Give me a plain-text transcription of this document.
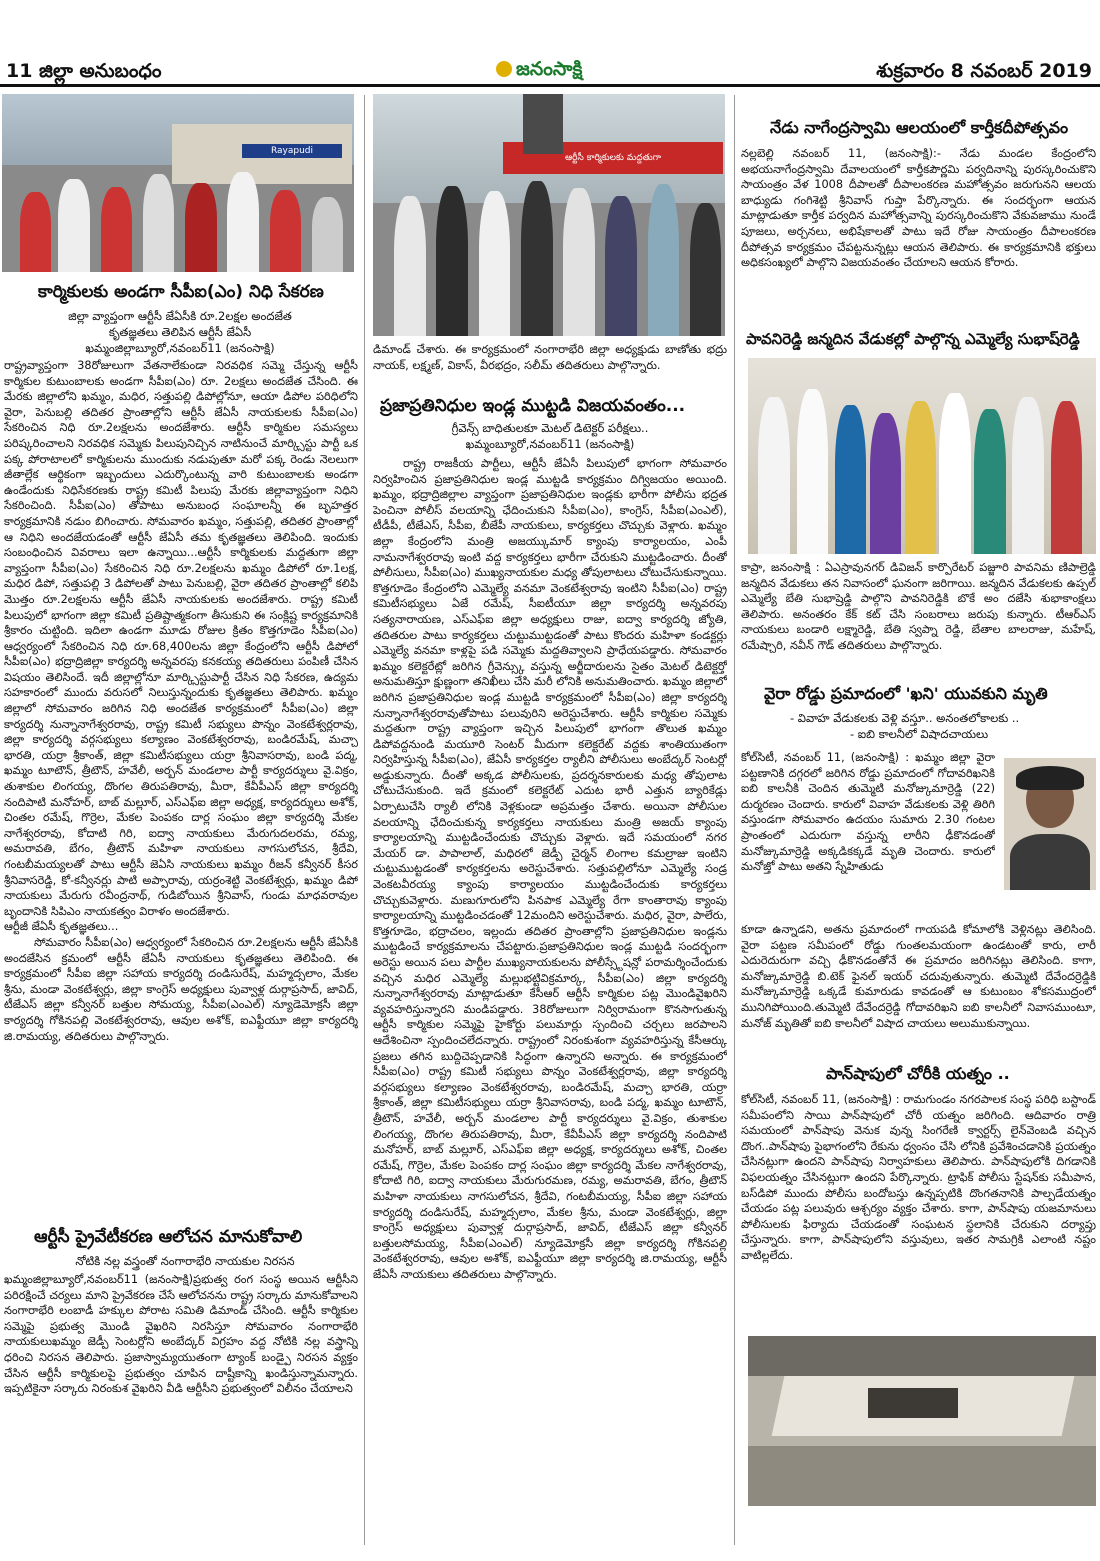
11 జిల్లా అనుబంధం	జనంసాక్షి	శుక్రవారం 8 నవంబర్ 2019
Rayapudi
కార్మికులకు అండగా సీపీఐ(ఎం) నిధి సేకరణ
జిల్లా వ్యాప్తంగా ఆర్టీసీ జేఏసీకి రూ.2లక్షల అందజేత
కృతజ్ఞతలు తెలిపిన ఆర్టీసీ జేఏసీ
ఖమ్మంజిల్లాబ్యూరో,నవంబర్11 (జనంసాక్షి)

రాష్ట్రవ్యాప్తంగా 38రోజులుగా వేతనాలేకుండా నిరవధిక సమ్మె చేస్తున్న ఆర్టీసీ కార్మికుల కుటుంబాలకు అండగా సీపీఐ(ఎం) రూ. 2లక్షలు అందజేత చేసింది. ఈ మేరకు జిల్లాలోని ఖమ్మం, మధిర, సత్తుపల్లి డిపోల్లోనూ, ఆయా డిపోల పరిధిలోని వైరా, పెనుబల్లి తదితర ప్రాంతాల్లోని ఆర్టీసీ జేఏసీ నాయకులకు సీపీఐ(ఎం) సేకరించిన నిధి రూ.2లక్షలను అందజేశారు. ఆర్టీసీ కార్మికుల సమస్యలు పరిష్కరించాలని నిరవధిక సమ్మెకు పిలుపునిచ్చిన నాటినుంచే మార్క్సిస్టు పార్టీ ఒక పక్క పోరాటాలలో కార్మికులను ముందుకు నడుపుతూ మరో పక్క రెండు నెలలుగా జీతాల్లేక ఆర్థికంగా ఇబ్బందులు ఎదుర్కొంటున్న వారి కుటుంబాలకు అండగా ఉండేందుకు నిధిసేకరణకు రాష్ట్ర కమిటీ పిలుపు మేరకు జిల్లావ్యాప్తంగా నిధిని సేకరించింది. సీపీఐ(ఎం) తోపాటు అనుబంధ సంఘాలన్నీ ఈ బృహత్తర కార్యక్రమానికి నడుం బిగించారు. సోమవారం ఖమ్మం, సత్తుపల్లి, తదితర ప్రాంతాల్లో ఆ నిధిని అందజేయడంతో ఆర్టీసీ జేఏసీ తమ కృతజ్ఞతలు తెలిపింది. ఇందుకు సంబంధించిన వివరాలు ఇలా ఉన్నాయి...ఆర్టీసీ కార్మికులకు మద్దతుగా జిల్లా వ్యాప్తంగా సీపీఐ(ఎం) సేకరించిన నిధి రూ.2లక్షలను ఖమ్మం డిపోలో రూ.1లక్ష, మధిర డిపో, సత్తుపల్లి 3 డిపోలతో పాటు పెనుబల్లి, వైరా తదితర ప్రాంతాల్లో కలిపి మొత్తం రూ.2లక్షలను ఆర్టీసీ జేఏసీ నాయకులకు అందజేశారు. రాష్ట్ర కమిటీ పిలుపులో భాగంగా జిల్లా కమిటీ ప్రతిష్టాత్మకంగా తీసుకుని ఈ సంక్లిష్ట కార్యక్రమానికి శ్రీకారం చుట్టింది. ఇదిలా ఉండగా మూడు రోజుల క్రితం కొత్తగూడెం సీపీఐ(ఎం) ఆధ్వర్యంలో సేకరించిన నిధి రూ.68,400లను జిల్లా కేంద్రంలోని ఆర్టీసీ డిపోలో సీపీఐ(ఎం) భద్రాద్రిజిల్లా కార్యదర్శి అన్నవరపు కనకయ్య తదితరులు పంపిణీ చేసిన విషయం తెలిసిందే. ఇదీ జిల్లాల్లోనూ మార్క్సిస్టుపార్టీ చేసిన నిధి సేకరణ, ఉద్యమ సహకారంలో ముందు వరుసలో నిలుస్తున్నందుకు కృతజ్ఞతలు తెలిపారు. ఖమ్మం జిల్లాలో సోమవారం జరిగిన నిధి అందజేత కార్యక్రమంలో సీపీఐ(ఎం) జిల్లా కార్యదర్శి నున్నానాగేశ్వరరావు, రాష్ట్ర కమిటీ సభ్యులు పొన్నం వెంకటేశ్వర్లరావు, జిల్లా కార్యదర్శి వర్గసభ్యులు కల్యాణం వెంకటేశ్వరరావు, బండిరమేష్, మచ్చా భారతి, యర్రా శ్రీకాంత్, జిల్లా కమిటీసభ్యులు యర్రా శ్రీనివాసరావు, బండి పద్మ, ఖమ్మం టూటౌన్, త్రీటౌన్, హవేలీ, అర్బన్ మండలాల పార్టీ కార్యదర్శులు వై.విక్రం, తుశాకుల లింగయ్య, దొంగల తిరుపతిరావు, మీరా, కేవీపీఎస్ జిల్లా కార్యదర్శి నందిపాటి మనోహర్, బాబ్ మల్లూర్, ఎస్ఎఫ్ఐ జిల్లా అధ్యక్ష, కార్యదర్శులు అశోక్, చింతల రమేష్, గొర్రెల, మేకల పెంపకం దార్ల సంఘం జిల్లా కార్యదర్శి మేకల నాగేశ్వరరావు, కోదాటి గిరి, ఐద్వా నాయకులు మేరుగుదలరమ, రమ్య, అమరావతి, బేగం, త్రీటౌన్ మహిళా నాయకులు నాగసులోచన, శ్రీదేవి, గంటబీమయ్యలతో పాటు ఆర్టీసీ జెఏసి నాయకులు ఖమ్మం రీజన్ కన్వీనర్ కీసర శ్రీనివాసరెడ్డి, కో-కన్వీనర్లు పాటి అప్పారావు, యర్రంశెట్టి వెంకటేశ్వర్లు, ఖమ్మం డిపో నాయకులు మేరుగు రవీంద్రనాథ్, గుడిబోయిన శ్రీనివాస్, గుండు మాధవరావుల బృందానికి సిపిఎం నాయకత్వం విరాళం అందజేశారు.

ఆర్టీజీ జేఏసీ కృతజ్ఞతలు...

సోమవారం సీపీఐ(ఎం) ఆధ్వర్యంలో సేకరించిన రూ.2లక్షలను ఆర్టీసీ జేఏసీకి అందజేసిన క్రమంలో ఆర్టీసీ జేఏసీ నాయకులు కృతజ్ఞతలు తెలిపింది. ఈ కార్యక్రమంలో సీపీఐ జిల్లా సహాయ కార్యదర్శి దండిసురేష్, మహ్మద్సలాం, మేకల శ్రీను, మండా వెంకటేశ్వర్లు, జిల్లా కాంగ్రెస్ అధ్యక్షులు పువ్వాళ్ల దుర్గాప్రసాద్, జావిద్, టీజేఎస్ జిల్లా కన్వీనర్ బత్తుల సోమయ్య, సీపీఐ(ఎంఎల్) న్యూడెమోక్రసీ జిల్లా కార్యదర్శి గోకినపల్లి వెంకటేశ్వరరావు, ఆవుల అశోక్, ఐఎఫ్టీయూ జిల్లా కార్యదర్శి జి.రామయ్య, తదితరులు పాల్గొన్నారు.

ఆర్టీసీ ప్రైవేటీకరణ ఆలోచన మానుకోవాలి
నోటికి నల్ల వస్త్రంతో నంగారాభేరి నాయకుల నిరసన

ఖమ్మంజిల్లాబ్యూరో,నవంబర్11 (జనంసాక్షి)ప్రభుత్వ రంగ సంస్థ అయిన ఆర్టీసీని పరిరక్షించే చర్యలు మాని ప్రైవేకరణ చేసే ఆలోచనను రాష్ట్ర సర్కారు మానుకోవాలని నంగారాభేరి లంబాడీ హక్కుల పోరాట సమితి డిమాండ్ చేసింది. ఆర్టీసీ కార్మికుల సమ్మెపై ప్రభుత్వ మొండి వైఖరిని నిరసిస్తూ సోమవారం నంగారాభేరి నాయకులుఖమ్మం జెడ్పీ సెంటర్లోని అంబేద్కర్ విగ్రహం వద్ద నోటికి నల్ల వస్త్రాన్ని ధరించి నిరసన తెలిపారు. ప్రజాస్వామ్యయుతంగా ట్యాంక్ బండ్పై నిరసన వ్యక్తం చేసిన ఆర్టీసీ కార్మికులపై ప్రభుత్వం చూపిన దాష్టీకాన్ని ఖండిస్తున్నామన్నారు. ఇప్పటికైనా సర్కారు నిరంకుశ వైఖరిని వీడి ఆర్టీసీని ప్రభుత్వంలో విలీనం చేయాలని

ఆర్టీసీ కార్మికులకు మద్దతుగా

డిమాండ్ చేశారు. ఈ కార్యక్రమంలో నంగారాభేరి జిల్లా అధ్యక్షుడు బాణోతు భద్రు నాయక్, లక్ష్మణ్, వికాస్, వీరభద్రం, సలీమ్ తదితరులు పాల్గొన్నారు.

ప్రజాప్రతినిధుల ఇండ్ల ముట్టడి విజయవంతం...
గ్రీవెన్స్ బాధితులకూ మెటల్ డిటెక్టర్ పరీక్షలు..
ఖమ్మంబ్యూరో,నవంబర్11 (జనంసాక్షి)

రాష్ట్ర రాజకీయ పార్టీలు, ఆర్టీసీ జేఏసీ పిలుపులో భాగంగా సోమవారం నిర్వహించిన ప్రజాప్రతినిధుల ఇండ్ల ముట్టడి కార్యక్రమం దిగ్విజయం అయింది. ఖమ్మం, భద్రాద్రిజిల్లాల వ్యాప్తంగా ప్రజాప్రతినిధుల ఇండ్లకు భారీగా పోలీసు భద్రత పెంచినా పోలీస్ వలయాన్ని ఛేదించుకుని సీపీఐ(ఎం), కాంగ్రెస్, సీపీఐ(ఎంఎల్), టీడీపీ, టీజేఎస్, సీపీఐ, బీజేపీ నాయకులు, కార్యకర్తలు చొచ్చుకు వెళ్లారు. ఖమ్మం జిల్లా కేంద్రంలోని మంత్రి అజయ్కుమార్ క్యాంపు కార్యాలయం, ఎంపీ నామనాగేశ్వరరావు ఇంటి వద్ద కార్యకర్తలు భారీగా చేరుకుని ముట్టడించారు. దీంతో పోలీసులు, సీపీఐ(ఎం) ముఖ్యనాయకుల మధ్య తోపులాటలు చోటుచేసుకున్నాయి. కొత్తగూడెం కేంద్రంలోని ఎమ్మెల్యే వనమా వెంకటేశ్వరావు ఇంటిని సీపీఐ(ఎం) రాష్ట్ర కమిటీసభ్యులు ఏజే రమేష్, సీఐటీయూ జిల్లా కార్యదర్శి అన్నవరపు సత్యనారాయణ, ఎస్ఎఫ్ఐ జిల్లా అధ్యక్షులు రాజు, ఐద్వా కార్యదర్శి జ్యోతి, తదితరుల పాటు కార్యకర్తలు చుట్టుముట్టడంతో పాటు కొందరు మహిళా కండక్టర్లు ఎమ్మెల్యే వనమా కాళ్లపై పడి సమ్మెకు మద్దతివ్వాలని ప్రాధేయపడ్డారు. సోమవారం ఖమ్మం కలెక్టరేట్లో జరిగిన గ్రీవెన్స్కు వస్తున్న అర్జీదారులను సైతం మెటల్ డిటెక్టర్తో అనుమతిస్తూ క్షుణ్ణంగా తనిఖీలు చేసి మరీ లోనికి అనుమతించారు. ఖమ్మం జిల్లాలో జరిగిన ప్రజాప్రతినిధుల ఇండ్ల ముట్టడి కార్యక్రమంలో సీపీఐ(ఎం) జిల్లా కార్యదర్శి నున్నానాగేశ్వరరావుతోపాటు పలువురిని అరెస్టుచేశారు. ఆర్టీసీ కార్మికుల సమ్మెకు మద్దతుగా రాష్ట్ర వ్యాప్తంగా ఇచ్చిన పిలుపులో భాగంగా తొలుత ఖమ్మం డిపోవద్దనుండి మయూరి సెంటర్ మీదుగా కలెక్టరేట్ వద్దకు శాంతియుతంగా నిర్వహిస్తున్న సీపీఐ(ఎం), జేఏసీ కార్యకర్తల ర్యాలీని పోలీసులు అంబేద్కర్ సెంటర్లో అడ్డుకున్నారు. దీంతో అక్కడ పోలీసులకు, ప్రదర్శనకారులకు మధ్య తోపులాట చోటుచేసుకుంది. ఇదే క్రమంలో కలెక్టరేట్ ఎదుట భారీ ఎత్తున బ్యారికేడ్లు ఏర్పాటుచేసి ర్యాలీ లోనికి వెళ్లకుండా అప్రమత్తం చేశారు. అయినా పోలీసుల వలయాన్ని ఛేదించుకున్న కార్యకర్తలు నాయకులు మంత్రి అజయ్ క్యాంపు కార్యాలయాన్ని ముట్టడించేందుకు చొచ్చుకు వెళ్లారు. ఇదే సమయంలో నగర మేయర్ డా. పాపాలాల్, మధిరలో జెడ్పీ చైర్మన్ లింగాల కమల్రాజు ఇంటిని చుట్టుముట్టడంతో కార్యకర్తలను అరెస్టుచేశారు. సత్తుపల్లిలోనూ ఎమ్మెల్యే సండ్ర వెంకటవీరయ్య క్యాంపు కార్యాలయం ముట్టడించేందుకు కార్యకర్తలు చొచ్చుకువెళ్లారు. మణుగూరులోని పినపాక ఎమ్మెల్యే రేగా కాంతారావు క్యాంపు కార్యాలయాన్ని ముట్టడించడంతో 12మందిని అరెస్టుచేశారు. మధిర, వైరా, పాలేరు, కొత్తగూడెం, భద్రాచలం, ఇల్లందు తదితర ప్రాంతాల్లోని ప్రజాప్రతినిధుల ఇండ్లను ముట్టడించే కార్యక్రమాలను చేపట్టారు.ప్రజాప్రతినిధుల ఇండ్ల ముట్టడి సందర్భంగా అరెస్టు అయిన పలు పార్టీల ముఖ్యనాయకులను పోలీస్స్టేషన్లో పరామర్శించేందుకు వచ్చిన మధిర ఎమ్మెల్యే మల్లుభట్టివిక్రమార్క, సీపీఐ(ఎం) జిల్లా కార్యదర్శి నున్నానాగేశ్వరరావు మాట్లాడుతూ కేసీఆర్ ఆర్టీసీ కార్మికుల పట్ల మొండివైఖరిని వ్యవహరిస్తున్నారని మండిపడ్డారు. 38రోజులుగా నిర్విరామంగా కొనసాగుతున్న ఆర్టీసీ కార్మికుల సమ్మెపై హైకోర్టు పలుమార్లు స్పందించి చర్చలు జరపాలని ఆదేశించినా స్పందించలేదన్నారు. రాష్ట్రంలో నిరంకుశంగా వ్యవహరిస్తున్న కేసీఆర్కు ప్రజలు తగిన బుద్దిచెప్పడానికి సిద్ధంగా ఉన్నారని అన్నారు. ఈ కార్యక్రమంలో సీపీఐ(ఎం) రాష్ట్ర కమిటీ సభ్యులు పొన్నం వెంకటేశ్వర్లరావు, జిల్లా కార్యదర్శి వర్గసభ్యులు కల్యాణం వెంకటేశ్వరరావు, బండిరమేష్, మచ్చా భారతి, యర్రా శ్రీకాంత్, జిల్లా కమిటీసభ్యులు యర్రా శ్రీనివాసరావు, బండి పద్మ, ఖమ్మం టూటౌన్, త్రీటౌన్, హవేలీ, అర్బన్ మండలాల పార్టీ కార్యదర్శులు వై.విక్రం, తుశాకుల లింగయ్య, దొంగల తిరుపతిరావు, మీరా, కేవీపీఎస్ జిల్లా కార్యదర్శి నందిపాటి మనోహర్, బాబ్ మల్లూర్, ఎస్ఎఫ్ఐ జిల్లా అధ్యక్ష, కార్యదర్శులు అశోక్, చింతల రమేష్, గొర్రెల, మేకల పెంపకం దార్ల సంఘం జిల్లా కార్యదర్శి మేకల నాగేశ్వరరావు, కోదాటి గిరి, ఐద్వా నాయకులు మేరుగురమణ, రమ్య, అమరావతి, బేగం, త్రీటౌన్ మహిళా నాయకులు నాగసులోచన, శ్రీదేవి, గంటబీమయ్య, సీపీఐ జిల్లా సహాయ కార్యదర్శి దండిసురేష్, మహ్మద్సలాం, మేకల శ్రీను, మండా వెంకటేశ్వర్లు, జిల్లా కాంగ్రెస్ అధ్యక్షులు పువ్వాళ్ల దుర్గాప్రసాద్, జావిద్, టీజేఎస్ జిల్లా కన్వీనర్ బత్తులసోమయ్య, సీపీఐ(ఎంఎల్) న్యూడెమోక్రసీ జిల్లా కార్యదర్శి గోకినపల్లి వెంకటేశ్వరరావు, ఆవుల అశోక్, ఐఎఫ్టీయూ జిల్లా కార్యదర్శి జి.రామయ్య, ఆర్టీసీ జేఏసీ నాయకులు తదితరులు పాల్గొన్నారు.

నేడు నాగేంద్రస్వామి ఆలయంలో కార్తీకదీపోత్సవం

నల్లబెల్లి నవంబర్ 11, (జనంసాక్షి):- నేడు మండల కేంద్రంలోని అభయనాగేంద్రస్వామి దేవాలయంలో కార్తీకపౌర్ణమి పర్వదినాన్ని పురస్కరించుకొని సాయంత్రం వేళ 1008 దీపాలతో దీపాలంకరణ మహోత్సవం జరుగునని ఆలయ బాధ్యుడు గంగిశెట్టి శ్రీనివాస్ గుప్తా పేర్కొన్నారు. ఈ సందర్భంగా ఆయన మాట్లాడుతూ కార్తీక పర్వదిన మహోత్సవాన్ని పురస్కరించుకొని వేకువజాము నుండే పూజలు, అర్చనలు, అభిషేకాలతో పాటు ఇదే రోజు సాయంత్రం దీపాలంకరణ దీపోత్సవ కార్యక్రమం చేపట్టనున్నట్లు ఆయన తెలిపారు. ఈ కార్యక్రమానికి భక్తులు అధికసంఖ్యలో పాల్గొని విజయవంతం చేయాలని ఆయన కోరారు.

పావనిరెడ్డి జన్మదిన వేడుకల్లో పాల్గొన్న ఎమ్మెల్యే సుభాష్‌రెడ్డి

కాప్రా, జనంసాక్షి : ఏఎస్రావునగర్ డివిజన్ కార్పొరేటర్ పజ్జూరి పావనిమ ణిపాల్రెడ్డి జన్మదిన వేడుకలు తన నివాసంలో ఘనంగా జరిగాయి. జన్మదిన వేడుకలకు ఉప్పల్ ఎమ్మెల్యే బేతి సుభాష్రెడ్డి పాల్గొని పావనిరెడ్డికి బొకే అం దజేసి శుభాకాంక్షలు తెలిపారు. అనంతరం కేక్ కట్ చేసి సంబరాలు జరుపు కున్నారు. టీఆర్ఎస్ నాయకులు బండారి లక్ష్మారెడ్డి, బేతి స్వప్నా రెడ్డి, బేతాల బాలరాజు, మహేష్, రమేష్చారి, నవీన్ గౌడ్ తదితరులు పాల్గొన్నారు.

వైరా రోడ్డు ప్రమాదంలో 'ఖని' యువకుని మృతి
- వివాహ వేడుకలకు వెళ్లి వస్తూ.. అనంతలోకాలకు ..
- ఐబి కాలనీలో విషాదచాయలు

కోల్‌సిటీ, నవంబర్ 11, (జనంసాక్షి) : ఖమ్మం జిల్లా వైరా పట్టణానికి దగ్గరలో జరిగిన రోడ్డు ప్రమాదంలో గోదావరిఖనికి ఐబి కాలనీకి చెందిన తుమ్మెటి మనోజ్కుమార్రెడ్డి (22) దుర్మరణం చెందారు. కారులో వివాహ వేడుకలకు వెళ్లి తిరిగి వస్తుండగా సోమవారం ఉదయం సుమారు 2.30 గంటల ప్రాంతంలో ఎదురుగా వస్తున్న లారీని ఢీకొనడంతో మనోజ్కుమార్రెడ్డి అక్కడికక్కడే మృతి చెందారు. కారులో మనోజ్తో పాటు అతని స్నేహితుడు

కూడా ఉన్నాడని, అతను ప్రమాదంలో గాయపడి కోమాలోకి వెళ్లినట్లు తెలిసింది. వైరా పట్టణ సమీపంలో రోడ్డు గుంతలమయంగా ఉండటంతో కారు, లారీ ఎదురెదురుగా వచ్చి ఢీకొనడంతోనే ఈ ప్రమాదం జరిగినట్లు తెలిసింది. కాగా, మనోజ్కుమార్రెడ్డి బి.టెక్ ఫైనల్ ఇయర్ చదువుతున్నారు. తుమ్మెటి దేవేందర్రెడ్డికి మనోజ్కుమార్రెడ్డి ఒక్కడే కుమారుడు కావడంతో ఆ కుటుంబం శోకసముద్రంలో మునిగిపోయింది.తుమ్మెటి దేవేందర్రెడ్డి గోదావరిఖని ఐబి కాలనీలో నివాసముంటూ, మనోజ్ మృతితో ఐబి కాలనీలో విషాద చాయలు అలుముకున్నాయి.

పాన్‌షాపులో చోరీకి యత్నం ..

కోల్‌సిటీ, నవంబర్ 11, (జనంసాక్షి) : రామగుండం నగరపాలక సంస్థ పరిధి బస్టాండ్ సమీపంలోని సాయి పాన్‌షాపులో చోరీ యత్నం జరిగింది. ఆదివారం రాత్రి సమయంలో పాన్‌షాపు వెనుక వున్న సింగరేణి క్వార్టర్స్ లైన్‌వెంబడి వచ్చిన దొంగ..పాన్‌షాపు పైభాగంలోని రేకును ధ్వంసం చేసి లోనికి ప్రవేశించడానికి ప్రయత్నం చేసినట్లుగా ఉందని పాన్‌షాపు నిర్వాహకులు తెలిపారు. పాన్‌షాపులోకి దిగడానికి విఫలయత్నం చేసినట్లుగా ఉందని పేర్కొన్నారు. ట్రాఫిక్ పోలీసు స్టేషన్‌కు సమీపాన, బస్‌డిపో ముందు పోలీసు బందోబస్తు ఉన్నప్పటికి దొంగతనానికి పాల్పడేయత్నం చేయడం పట్ల పలువురు ఆశ్చర్యం వ్యక్తం చేశారు. కాగా, పాన్‌షాపు యజమానులు పోలీసులకు ఫిర్యాదు చేయడంతో సంఘటన స్థలానికి చేరుకుని దర్యాప్తు చేస్తున్నారు. కాగా, పాన్‌షాపులోని వస్తువులు, ఇతర సామగ్రికి ఎలాంటి నష్టం వాటిల్లలేదు.
